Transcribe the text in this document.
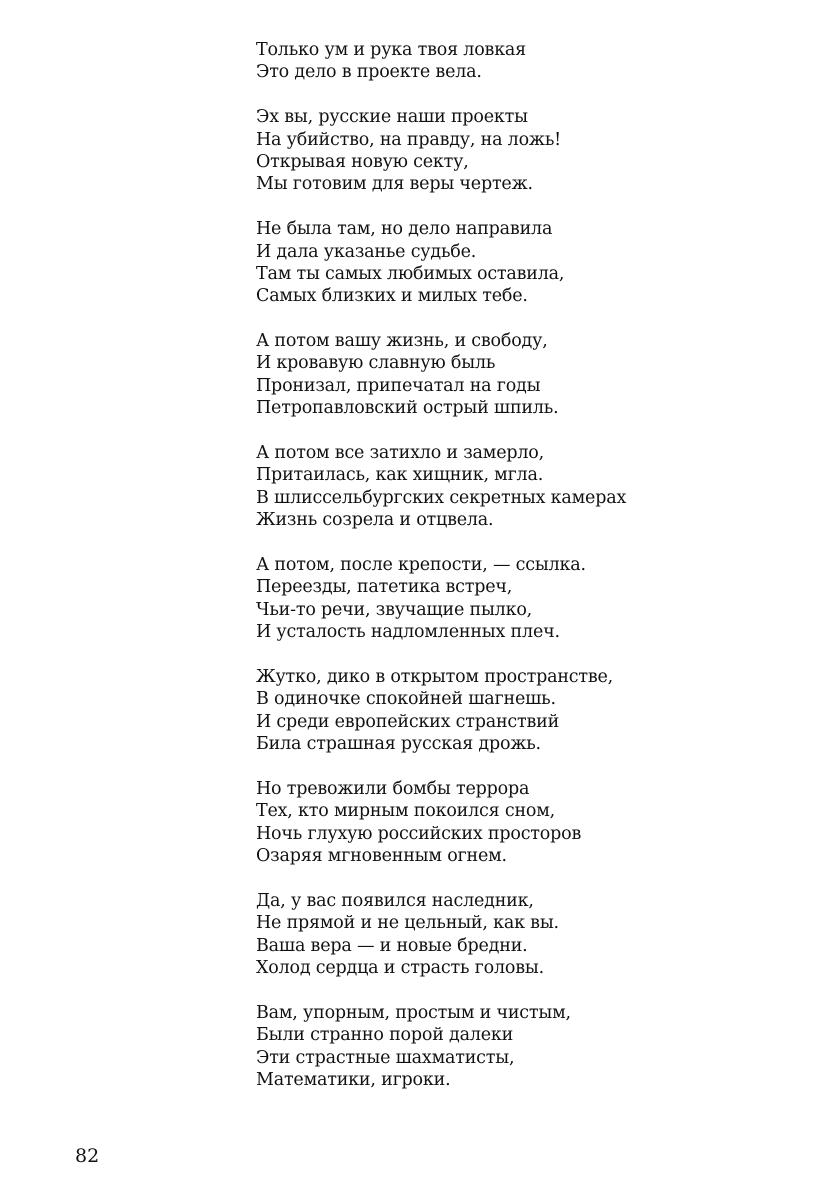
Только ум и рука твоя ловкая
Это дело в проекте вела.
Эх вы, русские наши проекты
На убийство, на правду, на ложь!
Открывая новую секту,
Мы готовим для веры чертеж.
Не была там, но дело направила
И дала указанье судьбе.
Там ты самых любимых оставила,
Самых близких и милых тебе.
А потом вашу жизнь, и свободу,
И кровавую славную быль
Пронизал, припечатал на годы
Петропавловский острый шпиль.
А потом все затихло и замерло,
Притаилась, как хищник, мгла.
В шлиссельбургских секретных камерах
Жизнь созрела и отцвела.
А потом, после крепости, — ссылка.
Переезды, патетика встреч,
Чьи-то речи, звучащие пылко,
И усталость надломленных плеч.
Жутко, дико в открытом пространстве,
В одиночке спокойней шагнешь.
И среди европейских странствий
Била страшная русская дрожь.
Но тревожили бомбы террора
Тех, кто мирным покоился сном,
Ночь глухую российских просторов
Озаряя мгновенным огнем.
Да, у вас появился наследник,
Не прямой и не цельный, как вы.
Ваша вера — и новые бредни.
Холод сердца и страсть головы.
Вам, упорным, простым и чистым,
Были странно порой далеки
Эти страстные шахматисты,
Математики, игроки.
82
